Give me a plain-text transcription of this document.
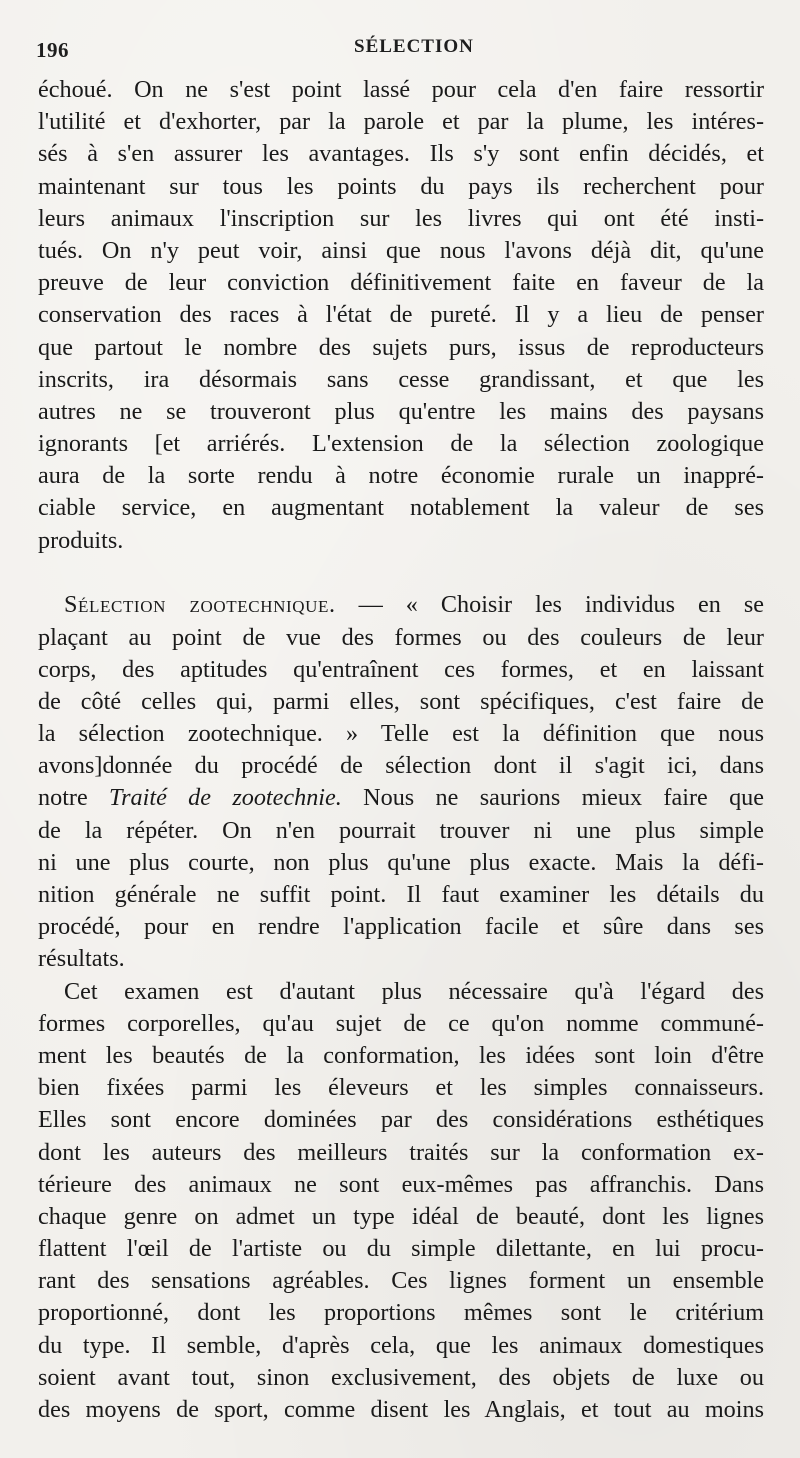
196	SÉLECTION
échoué. On ne s'est point lassé pour cela d'en faire ressortir
l'utilité et d'exhorter, par la parole et par la plume, les intéres-
sés à s'en assurer les avantages. Ils s'y sont enfin décidés, et
maintenant sur tous les points du pays ils recherchent pour
leurs animaux l'inscription sur les livres qui ont été insti-
tués. On n'y peut voir, ainsi que nous l'avons déjà dit, qu'une
preuve de leur conviction définitivement faite en faveur de la
conservation des races à l'état de pureté. Il y a lieu de penser
que partout le nombre des sujets purs, issus de reproducteurs
inscrits, ira désormais sans cesse grandissant, et que les
autres ne se trouveront plus qu'entre les mains des paysans
ignorants [et arriérés. L'extension de la sélection zoologique
aura de la sorte rendu à notre économie rurale un inappré-
ciable service, en augmentant notablement la valeur de ses
produits.
Sélection zootechnique. — « Choisir les individus en se
plaçant au point de vue des formes ou des couleurs de leur
corps, des aptitudes qu'entraînent ces formes, et en laissant
de côté celles qui, parmi elles, sont spécifiques, c'est faire de
la sélection zootechnique. » Telle est la définition que nous
avons]donnée du procédé de sélection dont il s'agit ici, dans
notre Traité de zootechnie. Nous ne saurions mieux faire que
de la répéter. On n'en pourrait trouver ni une plus simple
ni une plus courte, non plus qu'une plus exacte. Mais la défi-
nition générale ne suffit point. Il faut examiner les détails du
procédé, pour en rendre l'application facile et sûre dans ses
résultats.
Cet examen est d'autant plus nécessaire qu'à l'égard des
formes corporelles, qu'au sujet de ce qu'on nomme communé-
ment les beautés de la conformation, les idées sont loin d'être
bien fixées parmi les éleveurs et les simples connaisseurs.
Elles sont encore dominées par des considérations esthétiques
dont les auteurs des meilleurs traités sur la conformation ex-
térieure des animaux ne sont eux-mêmes pas affranchis. Dans
chaque genre on admet un type idéal de beauté, dont les lignes
flattent l'œil de l'artiste ou du simple dilettante, en lui procu-
rant des sensations agréables. Ces lignes forment un ensemble
proportionné, dont les proportions mêmes sont le critérium
du type. Il semble, d'après cela, que les animaux domestiques
soient avant tout, sinon exclusivement, des objets de luxe ou
des moyens de sport, comme disent les Anglais, et tout au moins
